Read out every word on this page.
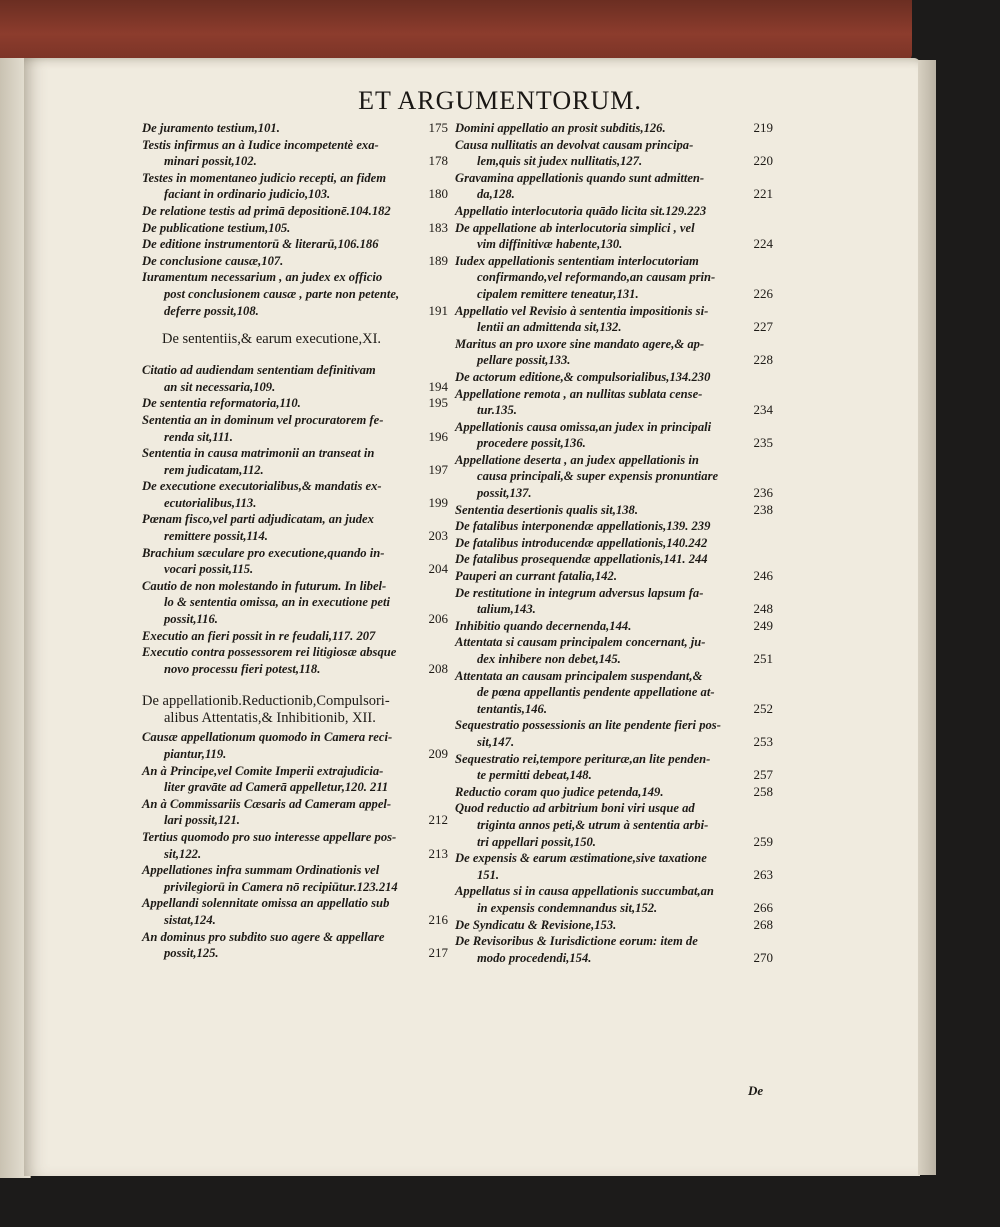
ET ARGUMENTORUM.
De juramento testium,101.	175
Testis infirmus an à Iudice incompetentè exa-
minari possit,102.	178
Testes in momentaneo judicio recepti, an fidem
faciant in ordinario judicio,103.	180
De relatione testis ad primā depositionē.104.182
De publicatione testium,105.	183
De editione instrumentorū & literarū,106.186
De conclusione causæ,107.	189
Iuramentum necessarium , an judex ex officio
post conclusionem causæ , parte non petente,
deferre possit,108.	191
De sententiis,& earum executione,XI.
Citatio ad audiendam sententiam definitivam
an sit necessaria,109.	194
De sententia reformatoria,110.	195
Sententia an in dominum vel procuratorem fe-
renda sit,111.	196
Sententia in causa matrimonii an transeat in
rem judicatam,112.	197
De executione executorialibus,& mandatis ex-
ecutorialibus,113.	199
Pœnam fisco,vel parti adjudicatam, an judex
remittere possit,114.	203
Brachium sæculare pro executione,quando in-
vocari possit,115.	204
Cautio de non molestando in futurum. In libel-
lo & sententia omissa, an in executione peti
possit,116.	206
Executio an fieri possit in re feudali,117. 207
Executio contra possessorem rei litigiosæ absque
novo processu fieri potest,118.	208
De appellationib.Reductionib,Compulsori-
alibus Attentatis,& Inhibitionib, XII.
Causæ appellationum quomodo in Camera reci-
piantur,119.	209
An à Principe,vel Comite Imperii extrajudicia-
liter gravāte ad Camerā appelletur,120. 211
An à Commissariis Cæsaris ad Cameram appel-
lari possit,121.	212
Tertius quomodo pro suo interesse appellare pos-
sit,122.	213
Appellationes infra summam Ordinationis vel
privilegiorū in Camera nō recipiūtur.123.214
Appellandi solennitate omissa an appellatio sub
sistat,124.	216
An dominus pro subdito suo agere & appellare
possit,125.	217
Domini appellatio an prosit subditis,126.	219
Causa nullitatis an devolvat causam principa-
lem,quis sit judex nullitatis,127.	220
Gravamina appellationis quando sunt admitten-
da,128.	221
Appellatio interlocutoria quādo licita sit.129.223
De appellatione ab interlocutoria simplici , vel
vim diffinitivæ habente,130.	224
Iudex appellationis sententiam interlocutoriam
confirmando,vel reformando,an causam prin-
cipalem remittere teneatur,131.	226
Appellatio vel Revisio à sententia impositionis si-
lentii an admittenda sit,132.	227
Maritus an pro uxore sine mandato agere,& ap-
pellare possit,133.	228
De actorum editione,& compulsorialibus,134.230
Appellatione remota , an nullitas sublata cense-
tur.135.	234
Appellationis causa omissa,an judex in principali
procedere possit,136.	235
Appellatione deserta , an judex appellationis in
causa principali,& super expensis pronuntiare
possit,137.	236
Sententia desertionis qualis sit,138.	238
De fatalibus interponendæ appellationis,139. 239
De fatalibus introducendæ appellationis,140.242
De fatalibus prosequendæ appellationis,141. 244
Pauperi an currant fatalia,142.	246
De restitutione in integrum adversus lapsum fa-
talium,143.	248
Inhibitio quando decernenda,144.	249
Attentata si causam principalem concernant, ju-
dex inhibere non debet,145.	251
Attentata an causam principalem suspendant,&
de pœna appellantis pendente appellatione at-
tentantis,146.	252
Sequestratio possessionis an lite pendente fieri pos-
sit,147.	253
Sequestratio rei,tempore perituræ,an lite penden-
te permitti debeat,148.	257
Reductio coram quo judice petenda,149.	258
Quod reductio ad arbitrium boni viri usque ad
triginta annos peti,& utrum à sententia arbi-
tri appellari possit,150.	259
De expensis & earum æstimatione,sive taxatione
151.	263
Appellatus si in causa appellationis succumbat,an
in expensis condemnandus sit,152.	266
De Syndicatu & Revisione,153.	268
De Revisoribus & Iurisdictione eorum: item de
modo procedendi,154.	270
De
